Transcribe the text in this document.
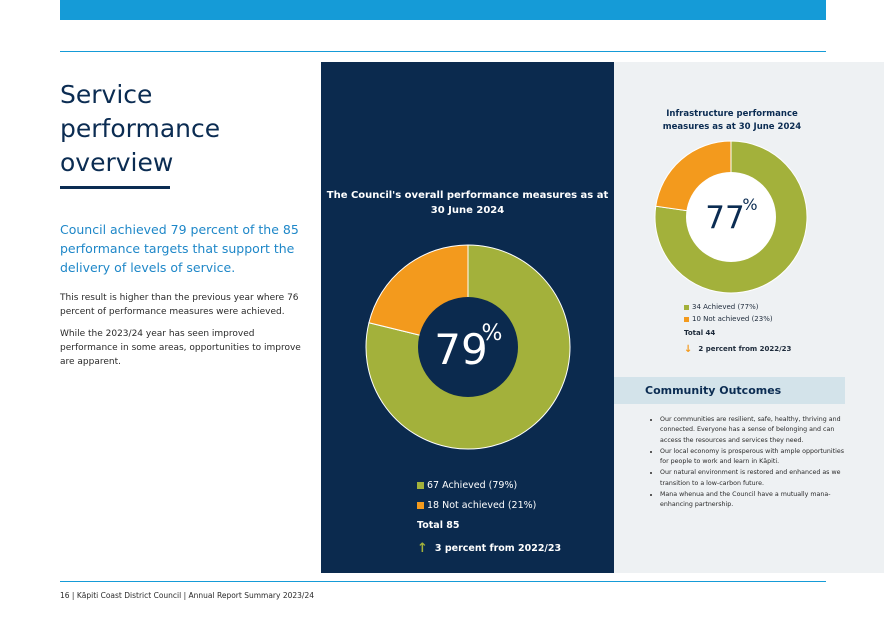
Service performance
overview
Council achieved 79 percent of the 85 performance targets that support the delivery of levels of service.
This result is higher than the previous year where 76 percent of performance measures were achieved.
While the 2023/24 year has seen improved performance in some areas, opportunities to improve are apparent.
The Council's overall performance measures as at 30 June 2024
79
%
67 Achieved (79%)
18 Not achieved (21%)
Total 85
↑ 3 percent from 2022/23
Infrastructure performance measures as at 30 June 2024
77
%
34 Achieved (77%)
10 Not achieved (23%)
Total 44
↓ 2 percent from 2022/23
Community Outcomes
• Our communities are resilient, safe, healthy, thriving and connected. Everyone has a sense of belonging and can access the resources and services they need.
• Our local economy is prosperous with ample opportunities for people to work and learn in Kāpiti.
• Our natural environment is restored and enhanced as we transition to a low-carbon future.
• Mana whenua and the Council have a mutually mana-enhancing partnership.
16 | Kāpiti Coast District Council | Annual Report Summary 2023/24
